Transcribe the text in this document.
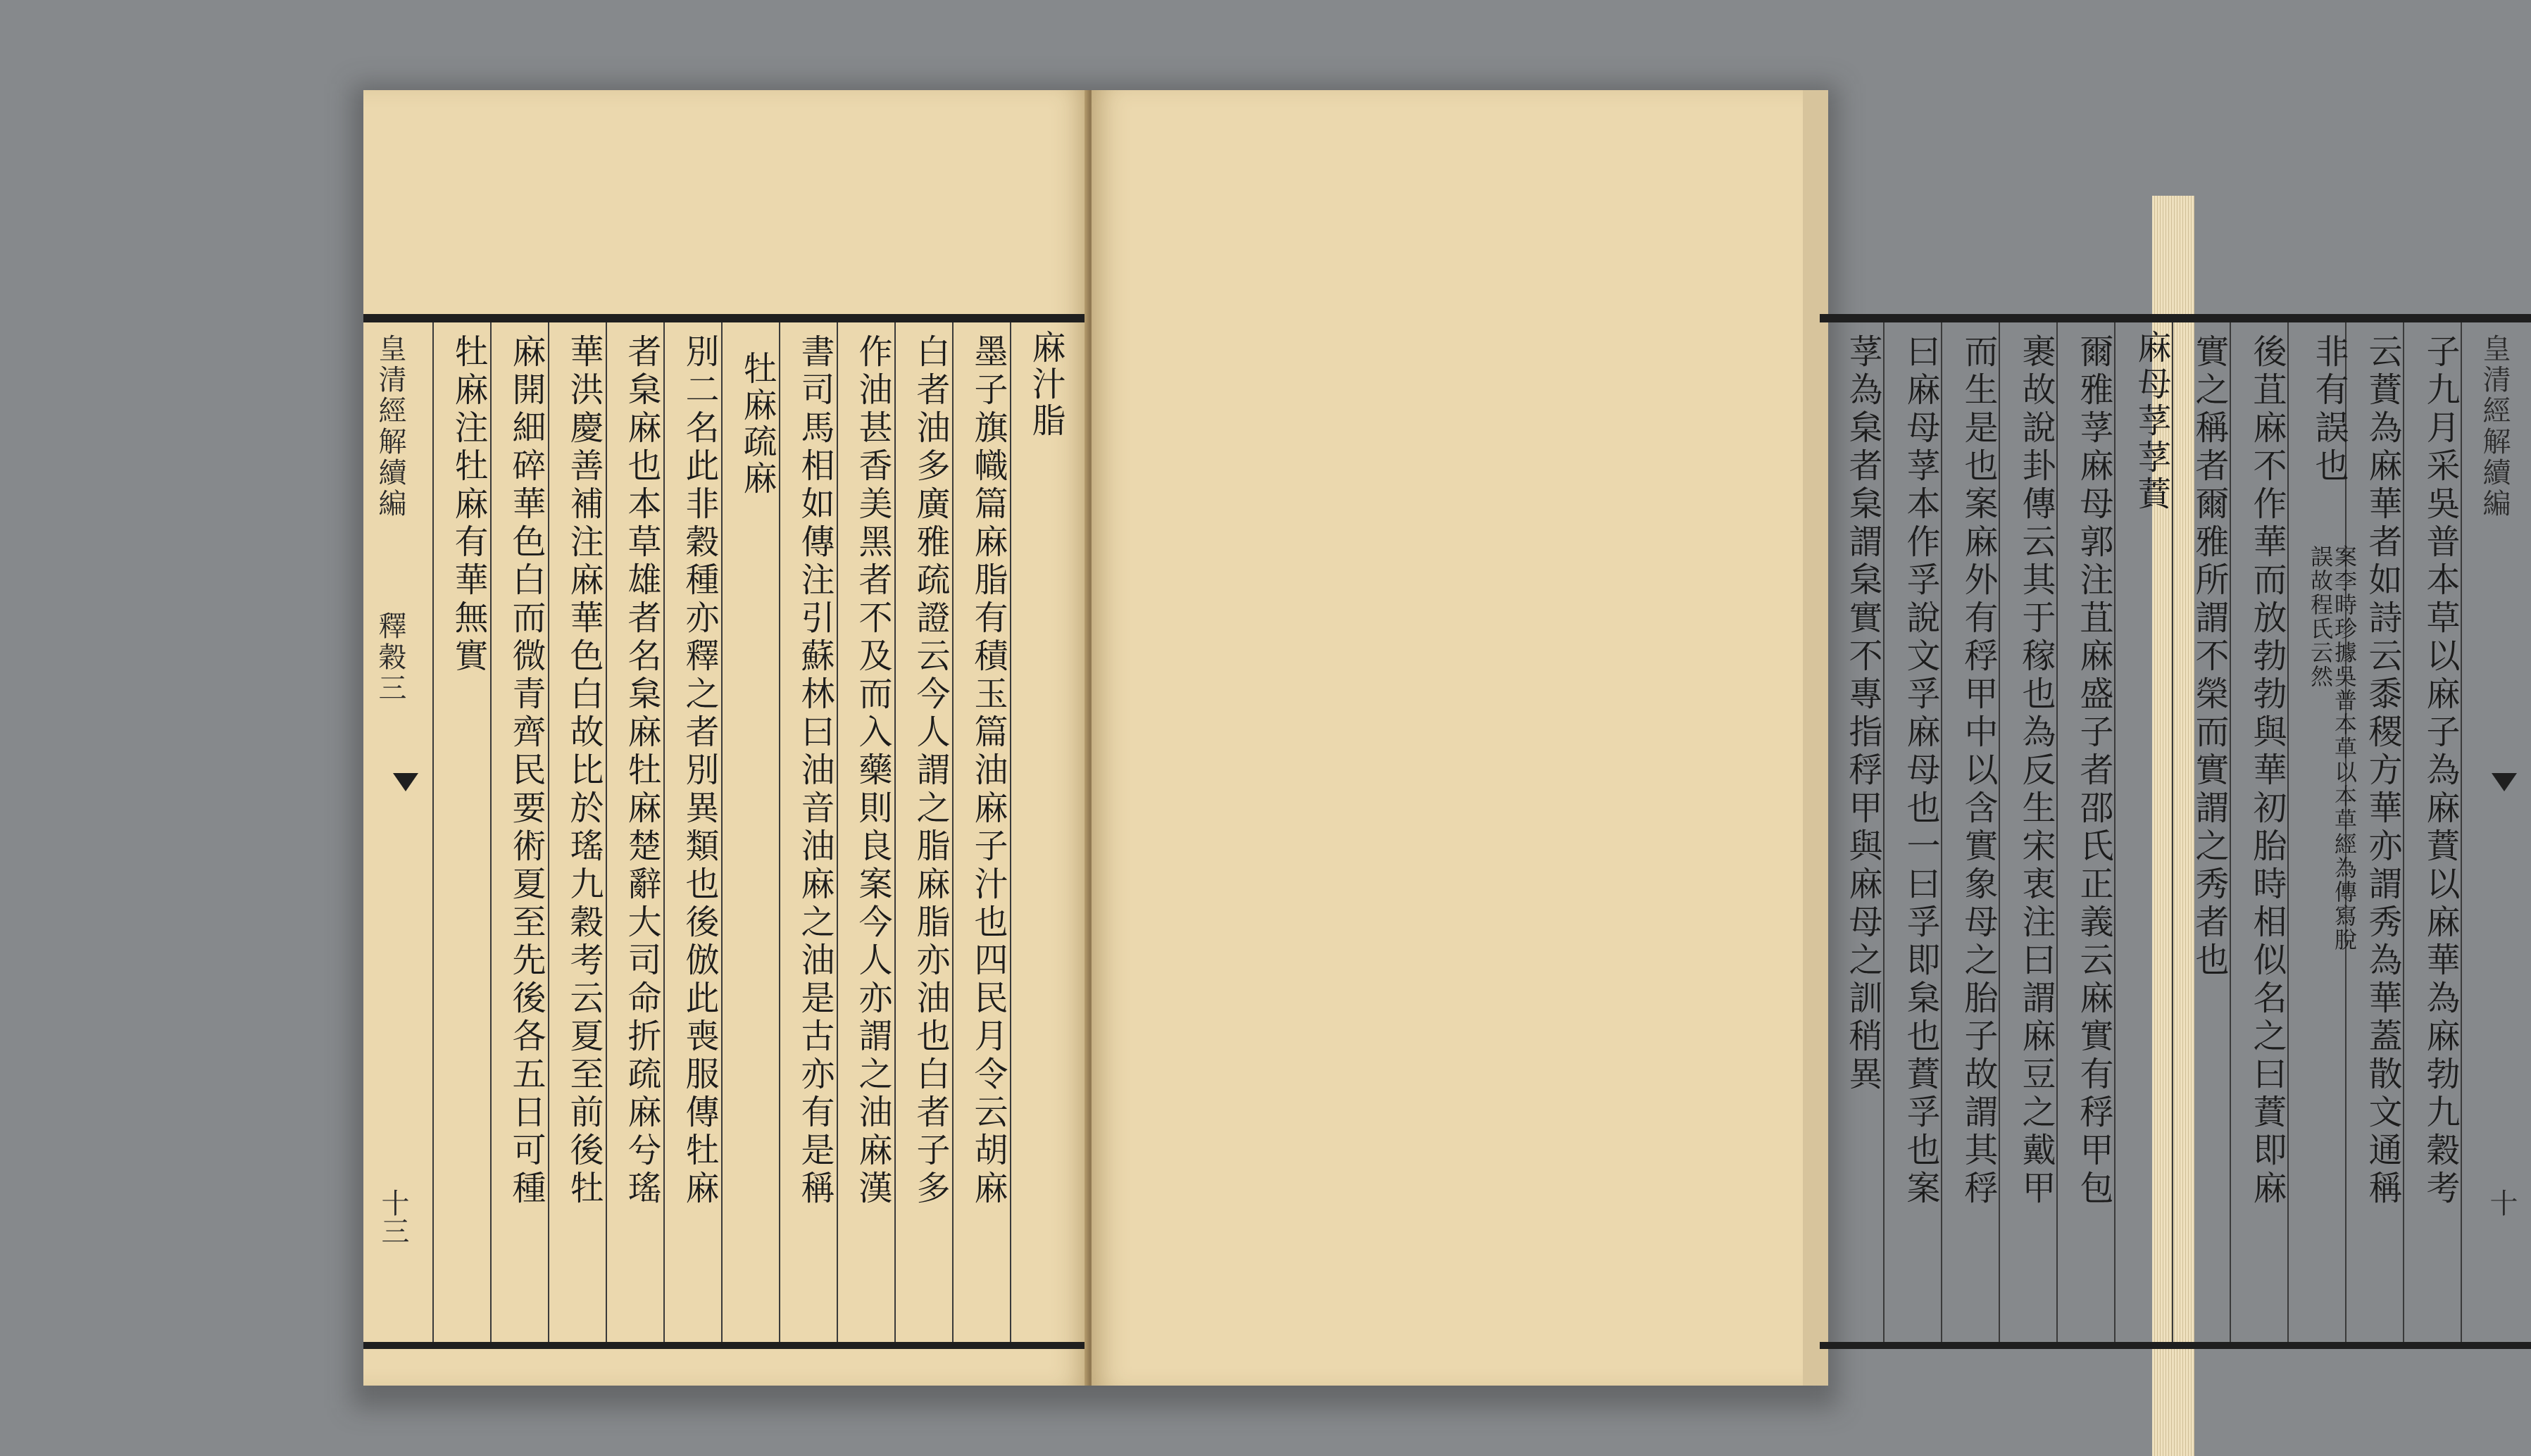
皇清經解續編  釋穀三
十三
牡麻注牡麻有華無實 麻開細碎華色白而微青齊民要術夏至先後各五日可種 華洪慶善補注麻華色白故比於瑤九穀考云夏至前後牡 者枲麻也本草雄者名枲麻牡麻楚辭大司命折疏麻兮瑤 別二名此非穀種亦釋之者別異類也後倣此喪服傳牡麻 牡麻疏麻 書司馬相如傳注引蘇林曰油音油麻之油是古亦有是稱 作油甚香美黑者不及而入藥則良案今人亦謂之油麻漢 白者油多廣雅疏證云今人謂之脂麻脂亦油也白者子多 墨子旗幟篇麻脂有積玉篇油麻子汁也四民月令云胡麻 麻汁脂	子九月采吳普本草以麻子為麻蕡以麻華為麻勃九穀考
云蕡為麻華者如詩云黍稷方華亦謂秀為華蓋散文通稱
非有誤也
案李時珍據吳普本草以本草經為傳寫脫誤故程氏云然
後苴麻不作華而放勃勃與華初胎時相似名之曰蕡即麻
實之稱者爾雅所謂不榮而實謂之秀者也
麻母莩莩蕡
爾雅莩麻母郭注苴麻盛子者邵氏正義云麻實有稃甲包
裹故說卦傳云其于稼也為反生宋衷注曰謂麻豆之戴甲
而生是也案麻外有稃甲中以含實象母之胎子故謂其稃
曰麻母莩本作孚說文孚麻母也一曰孚即枲也蕡孚也案
莩為枲者枲謂枲實不專指稃甲與麻母之訓稍異	皇清經解續編
十
